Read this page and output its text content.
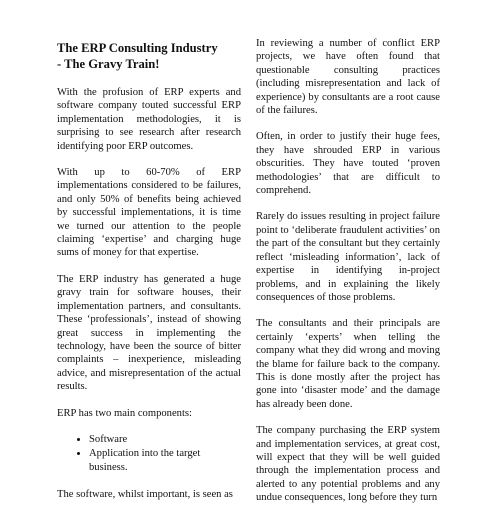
The ERP Consulting Industry
- The Gravy Train!

With the profusion of ERP experts and software company touted successful ERP implementation methodologies, it is surprising to see research after research identifying poor ERP outcomes.

With up to 60-70% of ERP implementations considered to be failures, and only 50% of benefits being achieved by successful implementations, it is time we turned our attention to the people claiming ‘expertise’ and charging huge sums of money for that expertise.

The ERP industry has generated a huge gravy train for software houses, their implementation partners, and consultants. These ‘professionals’, instead of showing great success in implementing the technology, have been the source of bitter complaints – inexperience, misleading advice, and misrepresentation of the actual results.

ERP has two main components:

• Software
• Application into the target business.

The software, whilst important, is seen as

In reviewing a number of conflict ERP projects, we have often found that questionable consulting practices (including misrepresentation and lack of experience) by consultants are a root cause of the failures.

Often, in order to justify their huge fees, they have shrouded ERP in various obscurities. They have touted ‘proven methodologies’ that are difficult to comprehend.

Rarely do issues resulting in project failure point to ‘deliberate fraudulent activities’ on the part of the consultant but they certainly reflect ‘misleading information’, lack of expertise in identifying in-project problems, and in explaining the likely consequences of those problems.

The consultants and their principals are certainly ‘experts’ when telling the company what they did wrong and moving the blame for failure back to the company. This is done mostly after the project has gone into ‘disaster mode’ and the damage has already been done.

The company purchasing the ERP system and implementation services, at great cost, will expect that they will be well guided through the implementation process and alerted to any potential problems and any undue consequences, long before they turn
